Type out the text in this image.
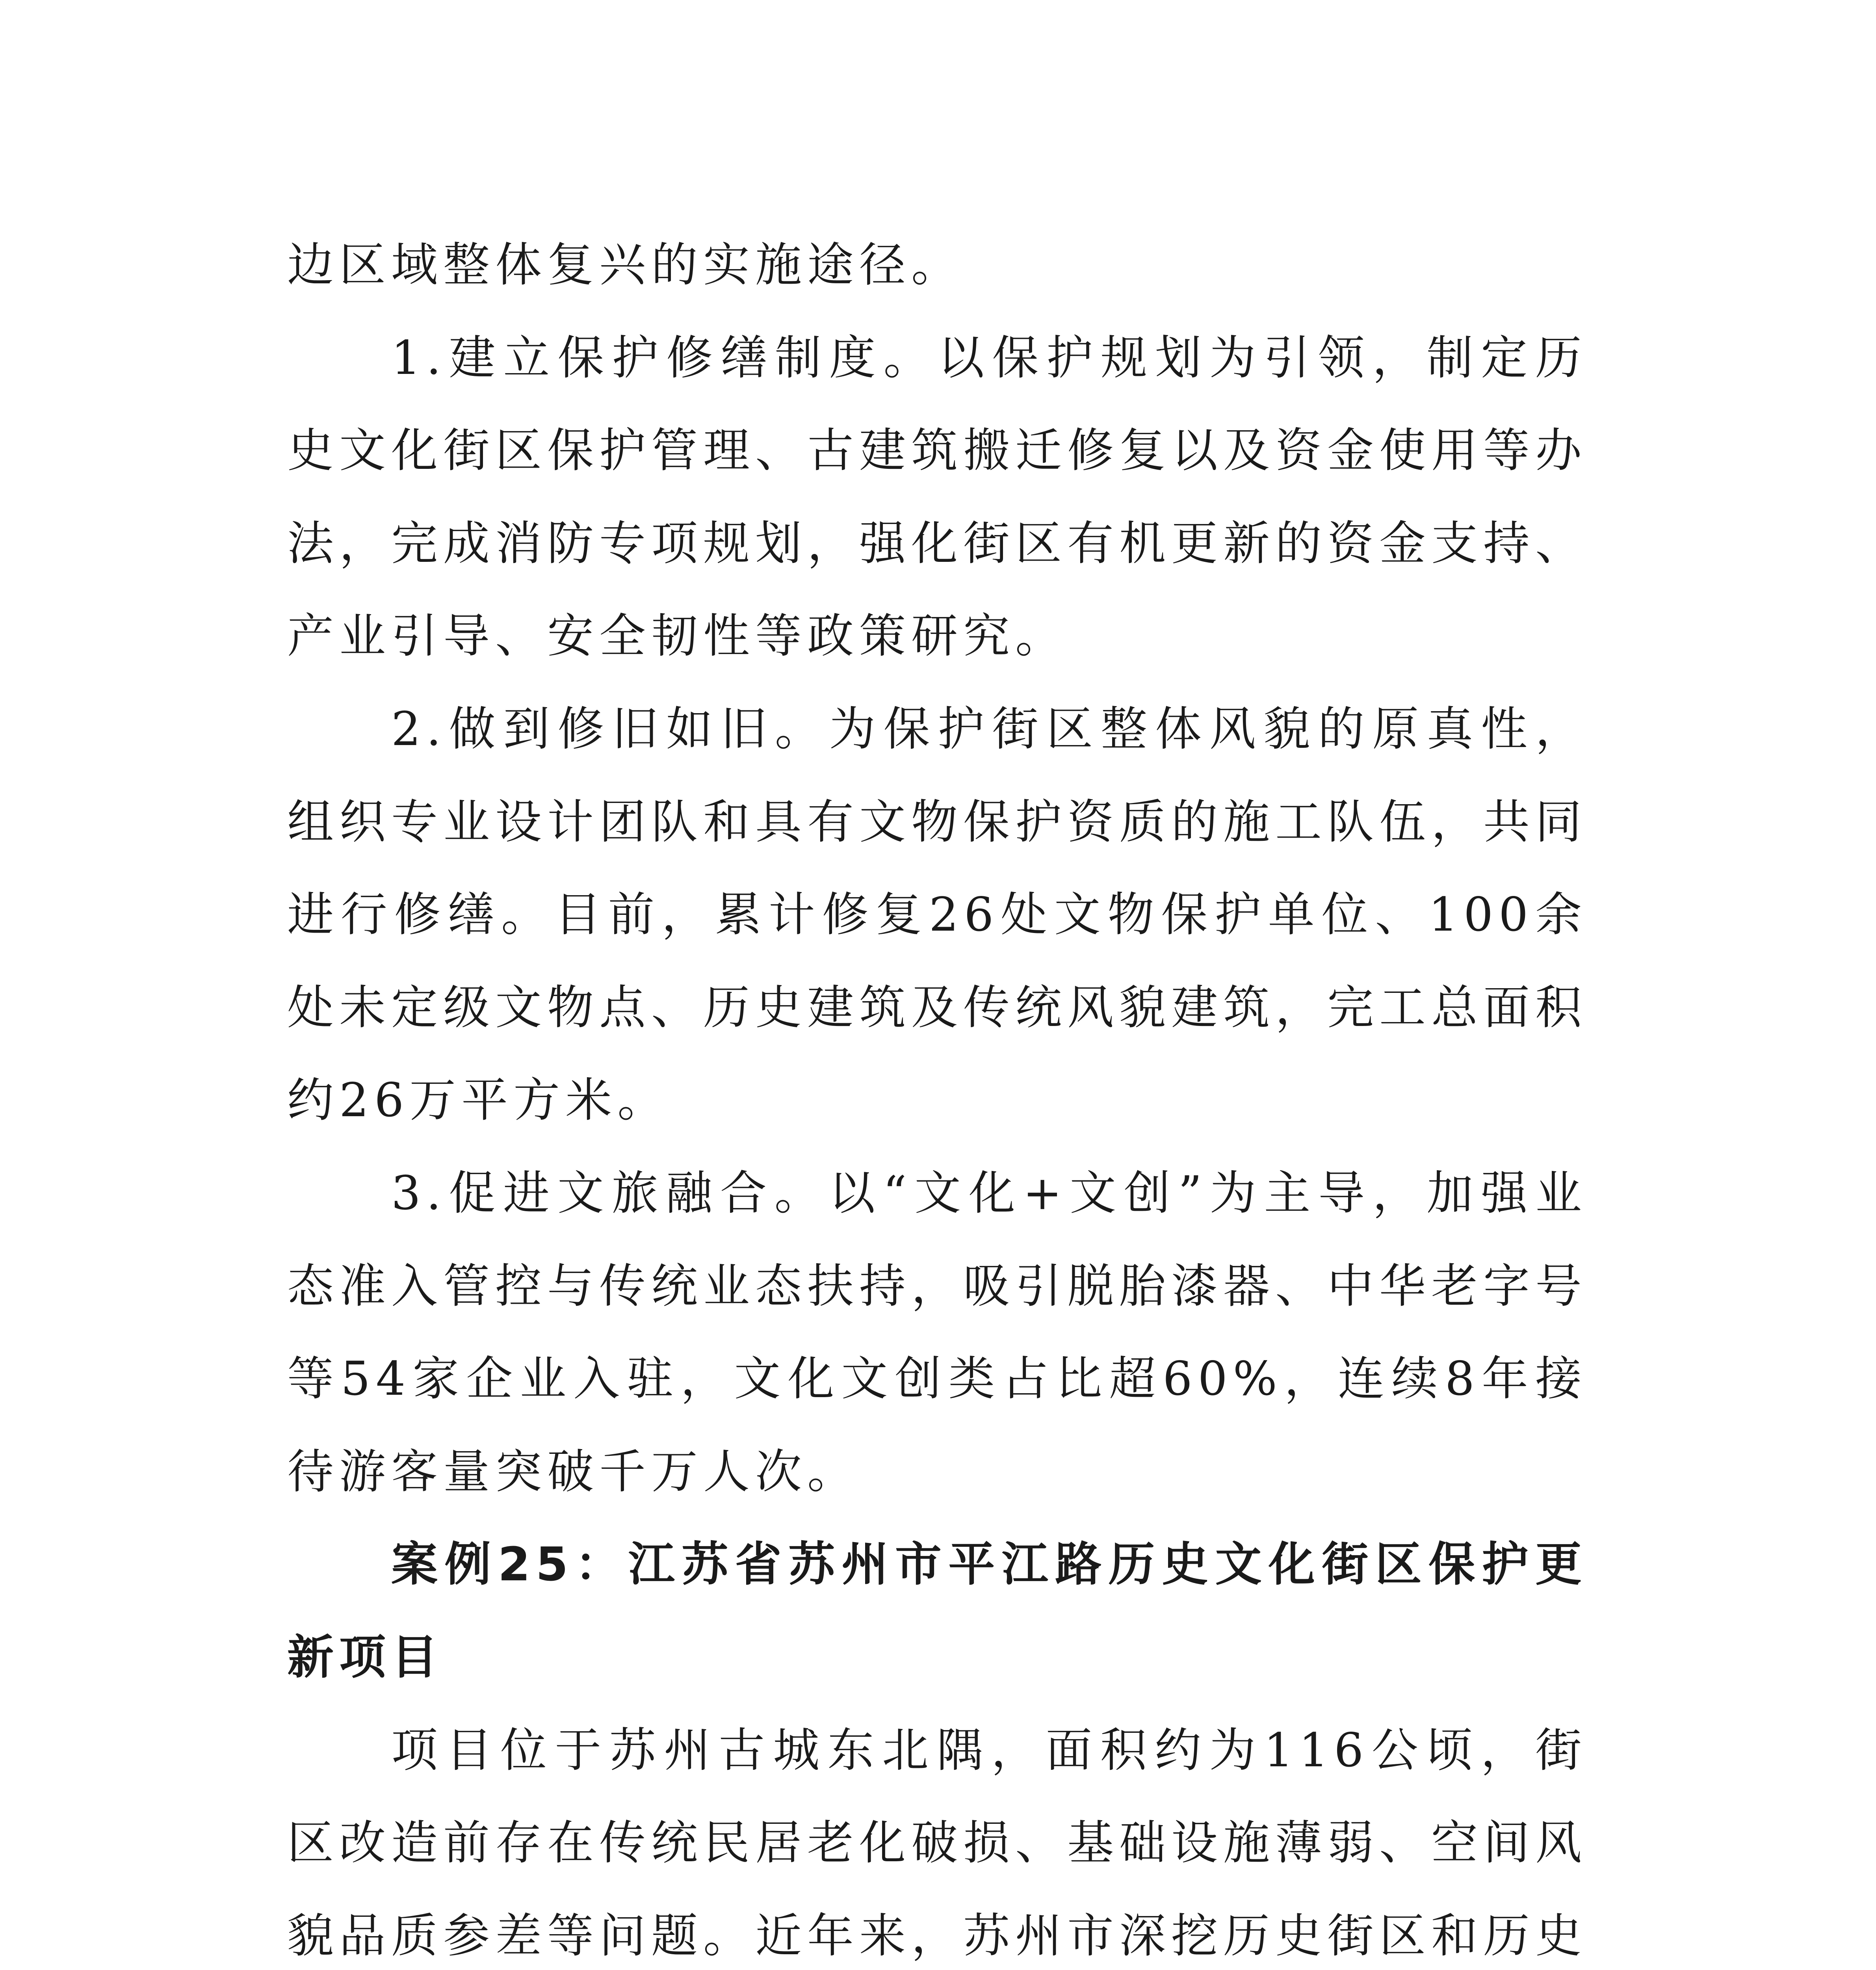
边区域整体复兴的实施途径。

1.建立保护修缮制度。以保护规划为引领，制定历史文化街区保护管理、古建筑搬迁修复以及资金使用等办法，完成消防专项规划，强化街区有机更新的资金支持、产业引导、安全韧性等政策研究。

2.做到修旧如旧。为保护街区整体风貌的原真性，组织专业设计团队和具有文物保护资质的施工队伍，共同进行修缮。目前，累计修复26处文物保护单位、100余处未定级文物点、历史建筑及传统风貌建筑，完工总面积约26万平方米。

3.促进文旅融合。以“文化+文创”为主导，加强业态准入管控与传统业态扶持，吸引脱胎漆器、中华老字号等54家企业入驻，文化文创类占比超60%，连续8年接待游客量突破千万人次。

案例25：江苏省苏州市平江路历史文化街区保护更新项目

项目位于苏州古城东北隅，面积约为116公顷，街区改造前存在传统民居老化破损、基础设施薄弱、空间风貌品质参差等问题。近年来，苏州市深挖历史街区和历史
